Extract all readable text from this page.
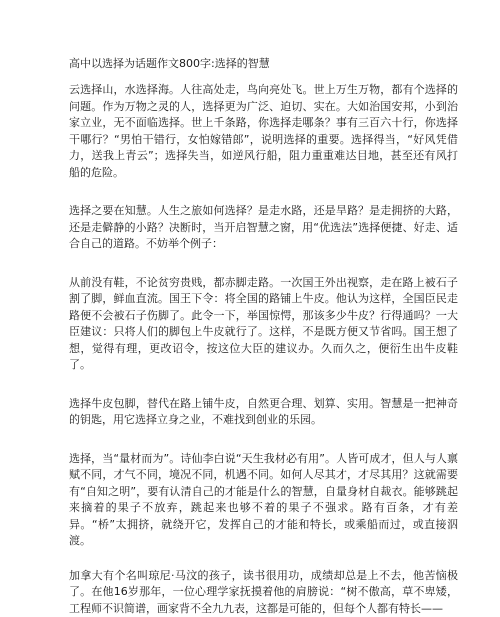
高中以选择为话题作文800字:选择的智慧

云选择山，水选择海。人往高处走，鸟向亮处飞。世上万生万物，都有个选择的问题。作为万物之灵的人，选择更为广泛、迫切、实在。大如治国安邦，小到治家立业，无不面临选择。世上千条路，你选择走哪条？事有三百六十行，你选择干哪行？“男怕干错行，女怕嫁错郎”，说明选择的重要。选择得当，“好风凭借力，送我上青云”；选择失当，如逆风行船，阻力重重难达目地，甚至还有风打船的危险。

选择之要在知慧。人生之旅如何选择？是走水路，还是旱路？是走拥挤的大路，还是走僻静的小路？决断时，当开启智慧之窗，用“优选法”选择便捷、好走、适合自己的道路。不妨举个例子：

从前没有鞋，不论贫穷贵贱，都赤脚走路。一次国王外出视察，走在路上被石子割了脚，鲜血直流。国王下令：将全国的路铺上牛皮。他认为这样，全国臣民走路便不会被石子伤脚了。此令一下，举国惊愕，那该多少牛皮？行得通吗？一大臣建议：只将人们的脚包上牛皮就行了。这样，不是既方便又节省吗。国王想了想，觉得有理，更改诏令，按这位大臣的建议办。久而久之，便衍生出牛皮鞋了。

选择牛皮包脚，替代在路上铺牛皮，自然更合理、划算、实用。智慧是一把神奇的钥匙，用它选择立身之业，不难找到创业的乐园。

选择，当“量材而为”。诗仙李白说“天生我材必有用”。人皆可成才，但人与人禀赋不同，才气不同，境况不同，机遇不同。如何人尽其才，才尽其用？这就需要有“自知之明”，要有认清自己的才能是什么的智慧，自量身材自裁衣。能够跳起来摘着的果子不放弃，跳起来也够不着的果子不强求。路有百条，才有差异。“桥”太拥挤，就绕开它，发挥自己的才能和特长，或乘船而过，或直接泅渡。

加拿大有个名叫琼尼·马汶的孩子，读书很用功，成绩却总是上不去，他苦恼极了。在他16岁那年，一位心理学家抚摸着他的肩膀说：“树不傲高，草不卑矮，工程师不识简谱，画家背不全九九表，这都是可能的，但每个人都有特长——
